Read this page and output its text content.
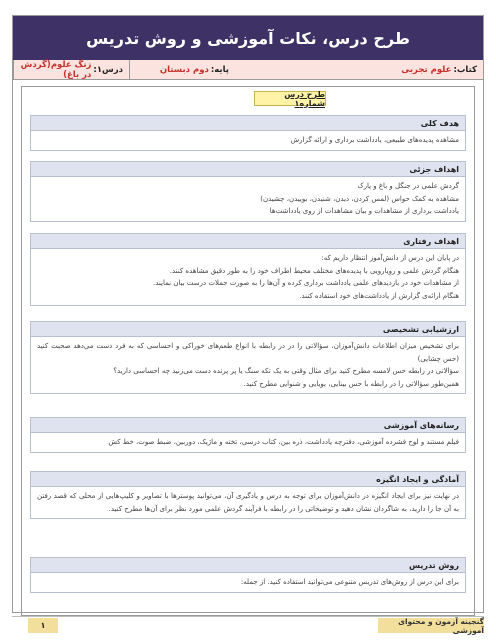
طرح درس، نکات آموزشی و روش تدریس
کتاب:
علوم تجربی
پایه:
دوم دبستان
درس۱:
زنگ علوم(گردش در باغ)
طرح درس شماره۱
هدف کلی

مشاهده پدیده‌های طبیعی، یادداشت برداری و ارائه گزارش

اهداف جزئی

گردش علمی در جنگل و باغ و پارک

مشاهده به کمک حواس (لمس کردن، دیدن، شنیدن، بوییدن، چشیدن)

یادداشت برداری از مشاهدات و بیان مشاهدات از روی یادداشت‌ها

اهداف رفتاری

در پایان این درس از دانش‌آموز انتظار داریم که:

هنگام گردش علمی و رویارویی با پدیده‌های مختلف محیط اطراف خود را به طور دقیق مشاهده کنند.

از مشاهدات خود در بازدیدهای علمی یادداشت برداری کرده و آن‌ها را به صورت جملات درست بیان نمایند.

هنگام ارائه‌ی گزارش از یادداشت‌های خود استفاده کنند.

ارزشیابی تشخیصی

برای تشخیص میزان اطلاعات دانش‌آموزان، سؤالاتی را در در رابطه با انواع طعم‌های خوراکی و احساسی که به فرد دست می‌دهد صحبت کنید (حس چشایی)

سؤالاتی در رابطه حس لامسه مطرح کنید برای مثال وقتی به یک تکه سنگ یا پر پرنده دست می‌زنید چه احساسی دارید؟

همین‌طور سؤالاتی را در رابطه با حس بینایی، بویایی و شنوایی مطرح کنید.

رسانه‌های آموزشی

فیلم مستند و لوح فشرده آموزشی، دفترچه یادداشت، ذره بین، کتاب درسی، تخته و ماژیک، دوربین، ضبط صوت، خط کش

آمادگی و ایجاد انگیزه

در نهایت نیز برای ایجاد انگیزه در دانش‌آموزان برای توجه به درس و یادگیری آن، می‌توانید پوسترها با تصاویر و کلیپ‌هایی از محلی که قصد رفتن به آن جا را دارید، به شاگردان نشان دهید و توضیحاتی را در رابطه با فرآیند گردش علمی مورد نظر برای آن‌ها مطرح کنید.

روش تدریس

برای این درس از روش‌های تدریس متنوعی می‌توانید استفاده کنید. از جمله:

گنجینه آزمون و محتوای آموزشی
۱
